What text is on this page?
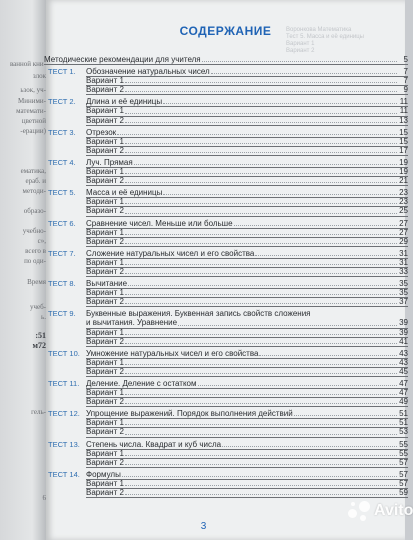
ванной кни-
злок
ьзок, уч-
Миними-
математи-
цветной
-ерации)
ематика,
ераб. и
методи-
образо-
учебно-
с»,
всего в
по оди-
Время
учеб-
ь.
:51
м72
гель-
6
Воронкова Математика
Тест 5. Масса и её единицы
Вариант 1
Вариант 2
СОДЕРЖАНИЕ
Методические рекомендации для учителя	5
ТЕСТ 1.	Обозначение натуральных чисел	7
Вариант 1	7
Вариант 2	9
ТЕСТ 2.	Длина и её единицы	11
Вариант 1	11
Вариант 2	13
ТЕСТ 3.	Отрезок	15
Вариант 1	15
Вариант 2	17
ТЕСТ 4.	Луч. Прямая	19
Вариант 1	19
Вариант 2	21
ТЕСТ 5.	Масса и её единицы	23
Вариант 1	23
Вариант 2	25
ТЕСТ 6.	Сравнение чисел. Меньше или больше	27
Вариант 1	27
Вариант 2	29
ТЕСТ 7.	Сложение натуральных чисел и его свойства	31
Вариант 1	31
Вариант 2	33
ТЕСТ 8.	Вычитание	35
Вариант 1	35
Вариант 2	37
ТЕСТ 9.	Буквенные выражения. Буквенная запись свойств сложения
и вычитания. Уравнение	39
Вариант 1	39
Вариант 2	41
ТЕСТ 10. Умножение натуральных чисел и его свойства	43
Вариант 1	43
Вариант 2	45
ТЕСТ 11. Деление. Деление с остатком	47
Вариант 1	47
Вариант 2	49
ТЕСТ 12. Упрощение выражений. Порядок выполнения действий	51
Вариант 1	51
Вариант 2	53
ТЕСТ 13. Степень числа. Квадрат и куб числа	55
Вариант 1	55
Вариант 2	57
ТЕСТ 14. Формулы	57
Вариант 1	57
Вариант 2	59
3
Avito
